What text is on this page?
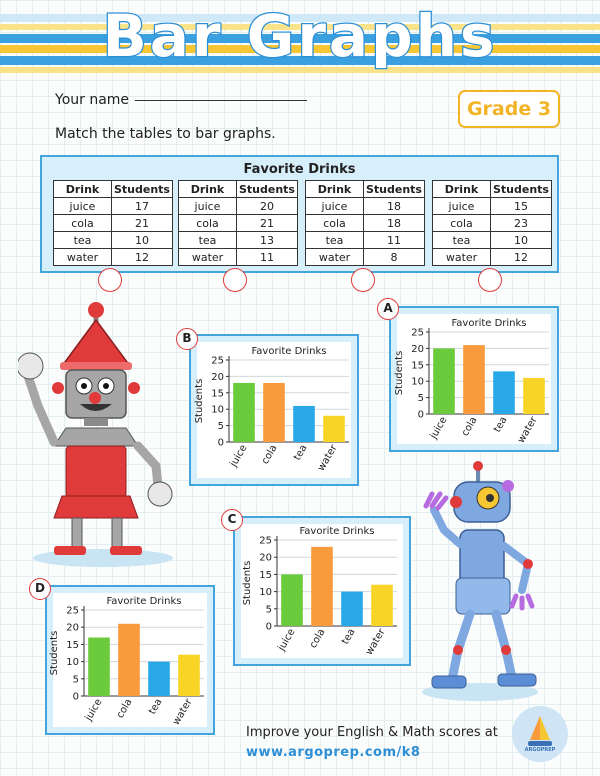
Bar Graphs
Your name
Match the tables to bar graphs.
Grade 3
Favorite Drinks
Drink	Students
juice	17
cola	21
tea	10
water	12
Drink	Students
juice	20
cola	21
tea	13
water	11
Drink	Students
juice	18
cola	18
tea	11
water	8
Drink	Students
juice	15
cola	23
tea	10
water	12
0
5
10
15
20
25
Favorite Drinks
Students
juice cola tea water
0
5
10
15
20
25
Favorite Drinks
Students
juice cola tea water
0
5
10
15
20
25
Favorite Drinks
Students
juice cola tea water
0
5
10
15
20
25
Favorite Drinks
Students
juice cola tea water
A
B
C
D
Improve your English & Math scores at
www.argoprep.com/k8	ARGOPREP
